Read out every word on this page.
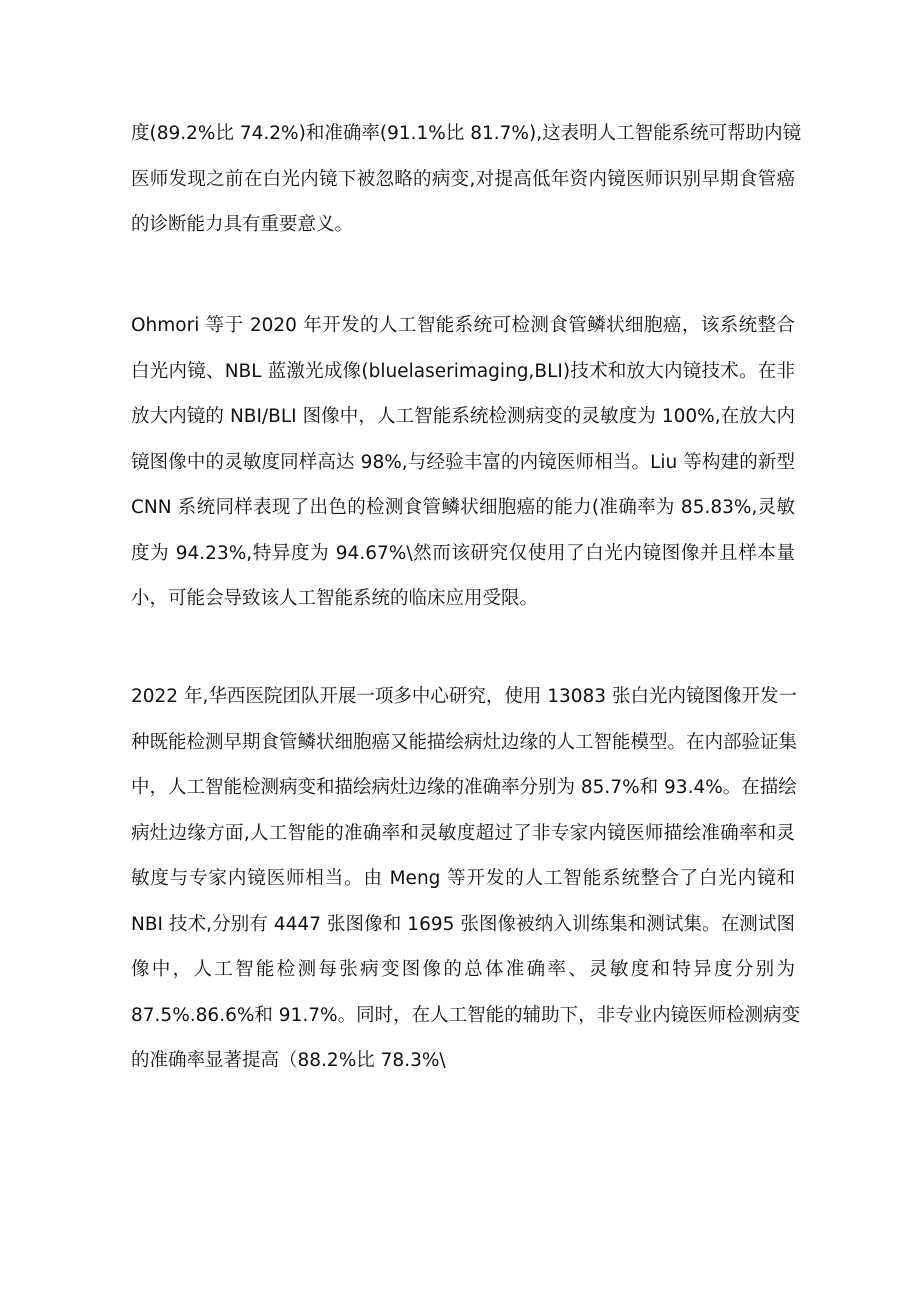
度(89.2%比 74.2%)和准确率(91.1%比 81.7%),这表明人工智能系统可帮助内镜
医师发现之前在白光内镜下被忽略的病变,对提高低年资内镜医师识别早期食管癌
的诊断能力具有重要意义。
Ohmori 等于 2020 年开发的人工智能系统可检测食管鳞状细胞癌，该系统整合
白光内镜、NBL 蓝激光成像(bluelaserimaging,BLI)技术和放大内镜技术。在非
放大内镜的 NBI/BLI 图像中，人工智能系统检测病变的灵敏度为 100%,在放大内
镜图像中的灵敏度同样高达 98%,与经验丰富的内镜医师相当。Liu 等构建的新型
CNN 系统同样表现了出色的检测食管鳞状细胞癌的能力(准确率为 85.83%,灵敏
度为 94.23%,特异度为 94.67%\然而该研究仅使用了白光内镜图像并且样本量
小，可能会导致该人工智能系统的临床应用受限。
2022 年,华西医院团队开展一项多中心研究，使用 13083 张白光内镜图像开发一
种既能检测早期食管鳞状细胞癌又能描绘病灶边缘的人工智能模型。在内部验证集
中，人工智能检测病变和描绘病灶边缘的准确率分别为 85.7%和 93.4%。在描绘
病灶边缘方面,人工智能的准确率和灵敏度超过了非专家内镜医师描绘准确率和灵
敏度与专家内镜医师相当。由 Meng 等开发的人工智能系统整合了白光内镜和
NBI 技术,分别有 4447 张图像和 1695 张图像被纳入训练集和测试集。在测试图
像中，人工智能检测每张病变图像的总体准确率、灵敏度和特异度分别为
87.5%.86.6%和 91.7%。同时，在人工智能的辅助下，非专业内镜医师检测病变
的准确率显著提高（88.2%比 78.3%\
